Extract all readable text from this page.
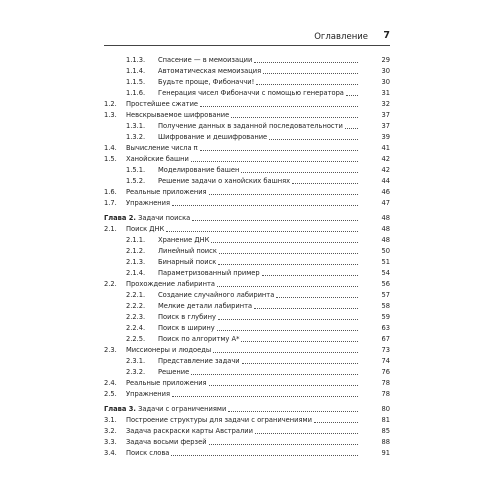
Оглавление	7
1.1.3. Спасение — в мемоизации	29
1.1.4. Автоматическая мемоизация	30
1.1.5. Будьте проще, Фибоначчи!	30
1.1.6. Генерация чисел Фибоначчи с помощью генератора	31
1.2. Простейшее сжатие	32
1.3. Невскрываемое шифрование	37
1.3.1. Получение данных в заданной последовательности	37
1.3.2. Шифрование и дешифрование	39
1.4. Вычисление числа π	41
1.5. Ханойские башни	42
1.5.1. Моделирование башен	42
1.5.2. Решение задачи о ханойских башнях	44
1.6. Реальные приложения	46
1.7. Упражнения	47
Глава 2. Задачи поиска	48
2.1. Поиск ДНК	48
2.1.1. Хранение ДНК	48
2.1.2. Линейный поиск	50
2.1.3. Бинарный поиск	51
2.1.4. Параметризованный пример	54
2.2. Прохождение лабиринта	56
2.2.1. Создание случайного лабиринта	57
2.2.2. Мелкие детали лабиринта	58
2.2.3. Поиск в глубину	59
2.2.4. Поиск в ширину	63
2.2.5. Поиск по алгоритму A*	67
2.3. Миссионеры и людоеды	73
2.3.1. Представление задачи	74
2.3.2. Решение	76
2.4. Реальные приложения	78
2.5. Упражнения	78
Глава 3. Задачи с ограничениями	80
3.1. Построение структуры для задачи с ограничениями	81
3.2. Задача раскраски карты Австралии	85
3.3. Задача восьми ферзей	88
3.4. Поиск слова	91
